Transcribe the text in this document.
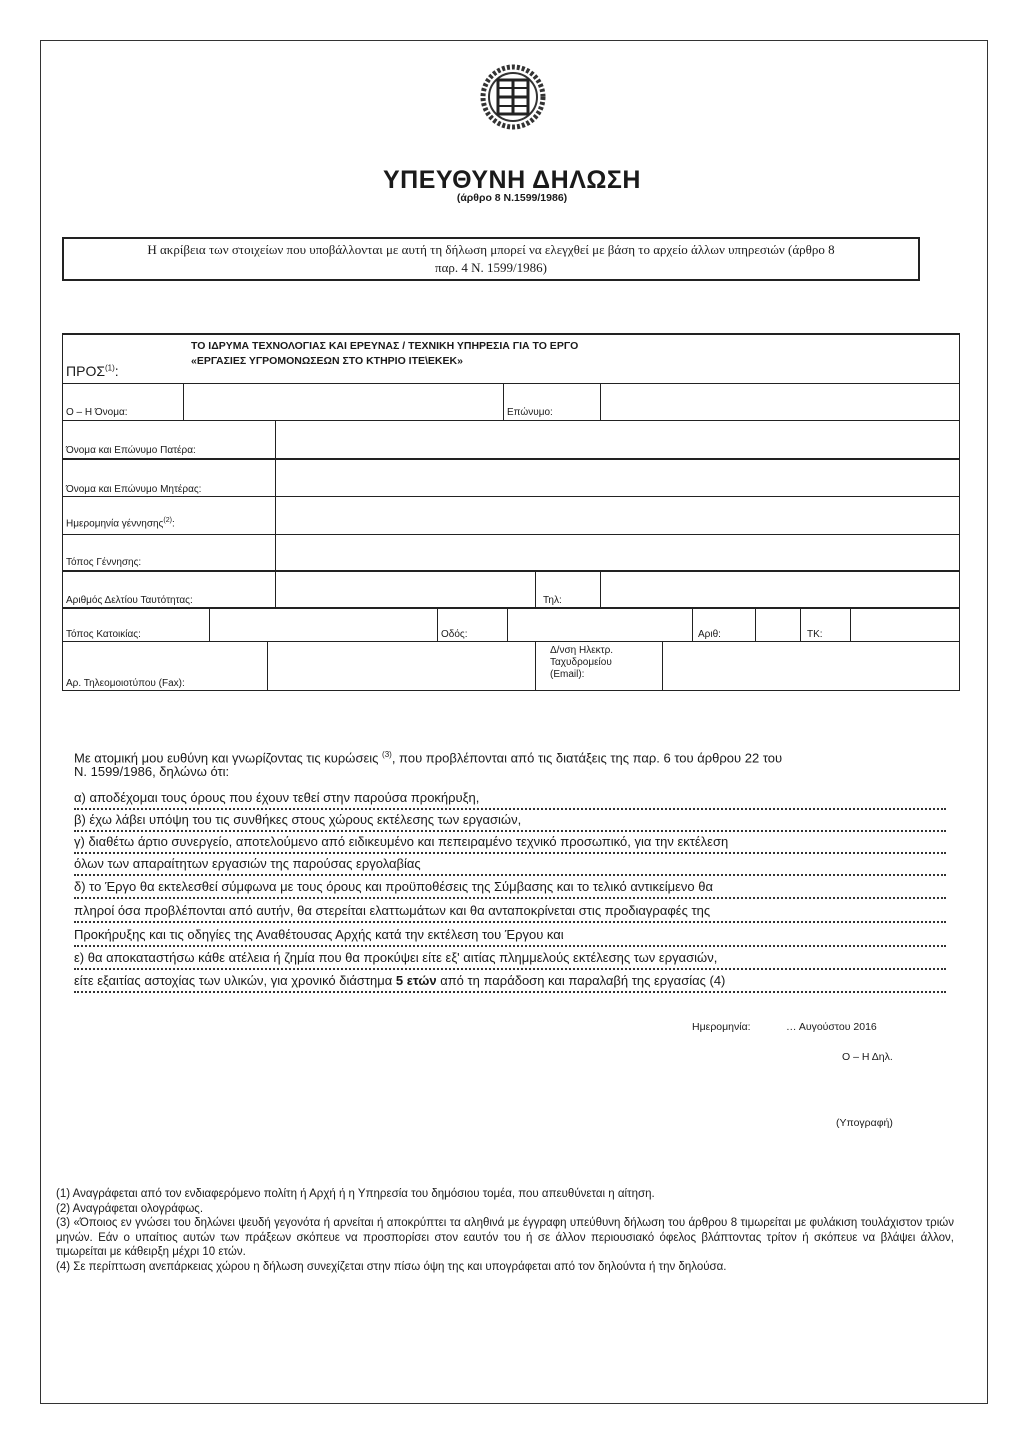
ΥΠΕΥΘΥΝΗ ΔΗΛΩΣΗ
(άρθρο 8 Ν.1599/1986)
Η ακρίβεια των στοιχείων που υποβάλλονται με αυτή τη δήλωση μπορεί να ελεγχθεί με βάση το αρχείο άλλων υπηρεσιών (άρθρο 8
παρ. 4 Ν. 1599/1986)
ΠΡΟΣ$^{(1)}$:
ΤΟ ΙΔΡΥΜΑ ΤΕΧΝΟΛΟΓΙΑΣ ΚΑΙ ΕΡΕΥΝΑΣ / ΤΕΧΝΙΚΗ ΥΠΗΡΕΣΙΑ ΓΙΑ ΤΟ ΕΡΓΟ
«ΕΡΓΑΣΙΕΣ ΥΓΡΟΜΟΝΩΣΕΩΝ ΣΤΟ ΚΤΗΡΙΟ ΙΤΕ\ΕΚΕΚ»
Ο – Η Όνομα:	Επώνυμο:
Όνομα και Επώνυμο Πατέρα:
Όνομα και Επώνυμο Μητέρας:
Ημερομηνία γέννησης$^{(2)}$:
Τόπος Γέννησης:
Αριθμός Δελτίου Ταυτότητας:	Τηλ:
Τόπος Κατοικίας:	Οδός:	Αριθ:	ΤΚ:
Αρ. Τηλεομοιοτύπου (Fax):
Δ/νση Ηλεκτρ.
Ταχυδρομείου
(Email):
Με ατομική μου ευθύνη και γνωρίζοντας τις κυρώσεις $^{(3)}$, που προβλέπονται από τις διατάξεις της παρ. 6 του άρθρου 22 του
Ν. 1599/1986, δηλώνω ότι:
α) αποδέχομαι τους όρους που έχουν τεθεί στην παρούσα προκήρυξη,
β) έχω λάβει υπόψη του τις συνθήκες στους χώρους εκτέλεσης των εργασιών,
γ) διαθέτω άρτιο συνεργείο, αποτελούμενο από ειδικευμένο και πεπειραμένο τεχνικό προσωπικό, για την εκτέλεση
όλων των απαραίτητων εργασιών της παρούσας εργολαβίας
δ) το Έργο θα εκτελεσθεί σύμφωνα με τους όρους και προϋποθέσεις της Σύμβασης και το τελικό αντικείμενο θα
πληροί όσα προβλέπονται από αυτήν, θα στερείται ελαττωμάτων και θα ανταποκρίνεται στις προδιαγραφές της
Προκήρυξης και τις οδηγίες της Αναθέτουσας Αρχής κατά την εκτέλεση του Έργου και
ε) θα αποκαταστήσω κάθε ατέλεια ή ζημία που θα προκύψει είτε εξ' αιτίας πλημμελούς εκτέλεσης των εργασιών,
είτε εξαιτίας αστοχίας των υλικών, για χρονικό διάστημα 5 ετών από τη παράδοση και παραλαβή της εργασίας (4)
Ημερομηνία:	… Αυγούστου 2016
Ο – Η Δηλ.
(Υπογραφή)

(1) Αναγράφεται από τον ενδιαφερόμενο πολίτη ή Αρχή ή η Υπηρεσία του δημόσιου τομέα, που απευθύνεται η αίτηση.

(2) Αναγράφεται ολογράφως.

(3) «Όποιος εν γνώσει του δηλώνει ψευδή γεγονότα ή αρνείται ή αποκρύπτει τα αληθινά με έγγραφη υπεύθυνη δήλωση του άρθρου 8 τιμωρείται με φυλάκιση τουλάχιστον τριών μηνών. Εάν ο υπαίτιος αυτών των πράξεων σκόπευε να προσπορίσει στον εαυτόν του ή σε άλλον περιουσιακό όφελος βλάπτοντας τρίτον ή σκόπευε να βλάψει άλλον, τιμωρείται με κάθειρξη μέχρι 10 ετών.

(4) Σε περίπτωση ανεπάρκειας χώρου η δήλωση συνεχίζεται στην πίσω όψη της και υπογράφεται από τον δηλούντα ή την δηλούσα.
